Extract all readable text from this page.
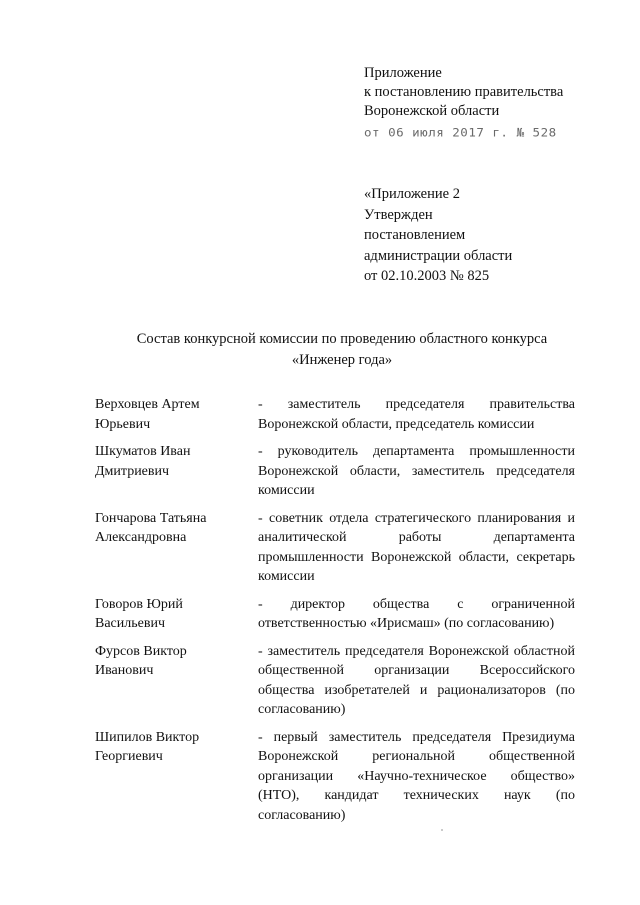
Приложение
к постановлению правительства
Воронежской области
от 06 июля 2017 г. № 528
«Приложение 2
Утвержден
постановлением
администрации области
от 02.10.2003 № 825
Состав конкурсной комиссии по проведению областного конкурса
«Инженер года»
Верховцев Артем
Юрьевич
- заместитель председателя правительства Воронежской области, председатель комиссии
Шкуматов Иван
Дмитриевич
- руководитель департамента промышленности Воронежской области, заместитель председателя комиссии
Гончарова Татьяна
Александровна
- советник отдела стратегического планирования и аналитической работы департамента промышленности Воронежской области, секретарь комиссии
Говоров Юрий
Васильевич
- директор общества с ограниченной ответственностью «Ирисмаш» (по согласованию)
Фурсов Виктор
Иванович
- заместитель председателя Воронежской областной общественной организации Всероссийского общества изобретателей и рационализаторов (по согласованию)
Шипилов Виктор
Георгиевич
- первый заместитель председателя Президиума Воронежской региональной общественной организации «Научно-техническое общество» (НТО), кандидат технических наук (по согласованию)
